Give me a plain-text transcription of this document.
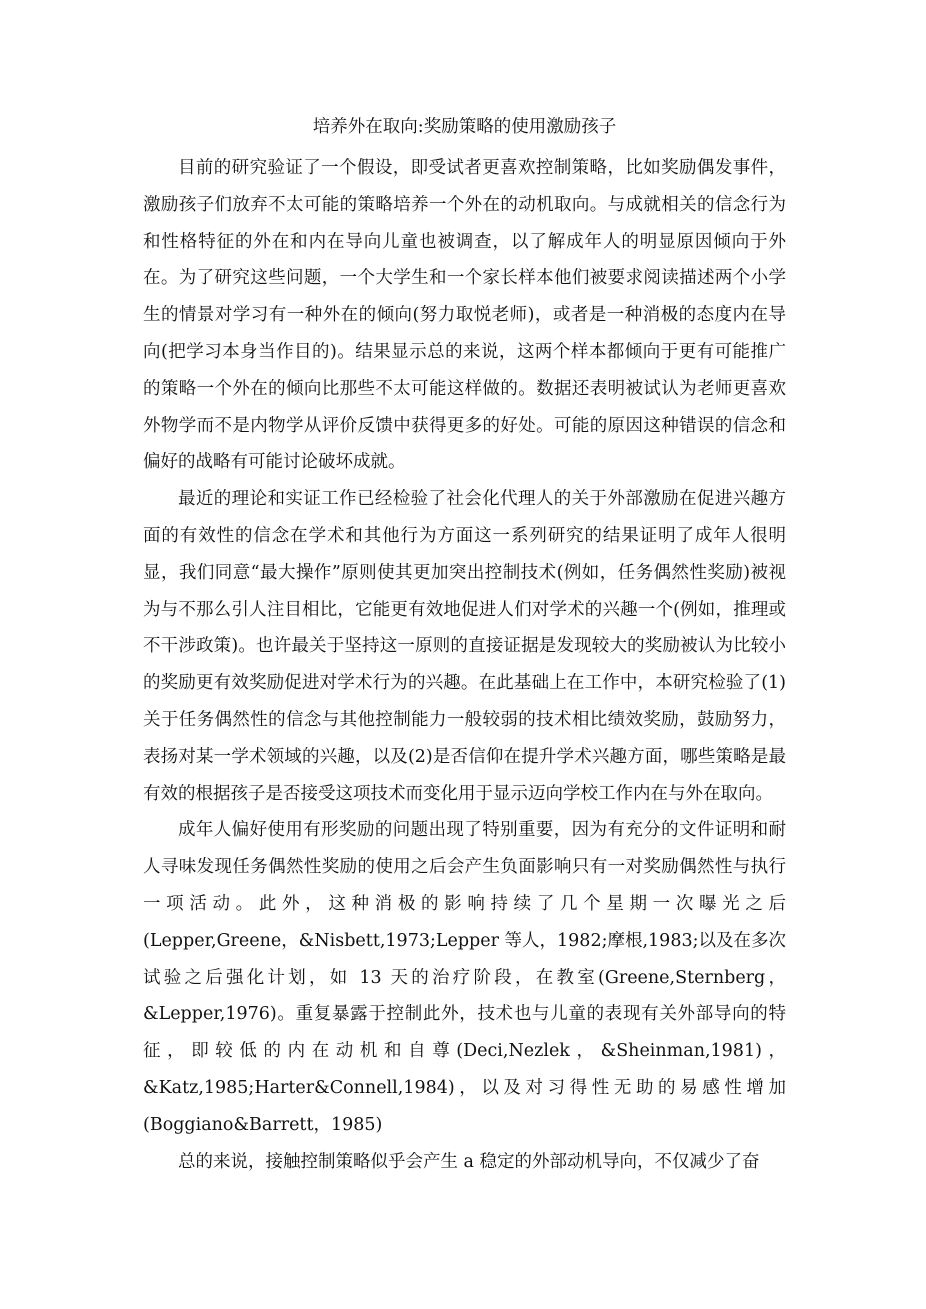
培养外在取向:奖励策略的使用激励孩子

目前的研究验证了一个假设，即受试者更喜欢控制策略，比如奖励偶发事件，激励孩子们放弃不太可能的策略培养一个外在的动机取向。与成就相关的信念行为和性格特征的外在和内在导向儿童也被调查，以了解成年人的明显原因倾向于外在。为了研究这些问题，一个大学生和一个家长样本他们被要求阅读描述两个小学生的情景对学习有一种外在的倾向(努力取悦老师)，或者是一种消极的态度内在导向(把学习本身当作目的)。结果显示总的来说，这两个样本都倾向于更有可能推广的策略一个外在的倾向比那些不太可能这样做的。数据还表明被试认为老师更喜欢外物学而不是内物学从评价反馈中获得更多的好处。可能的原因这种错误的信念和偏好的战略有可能讨论破坏成就。

最近的理论和实证工作已经检验了社会化代理人的关于外部激励在促进兴趣方面的有效性的信念在学术和其他行为方面这一系列研究的结果证明了成年人很明显，我们同意“最大操作”原则使其更加突出控制技术(例如，任务偶然性奖励)被视为与不那么引人注目相比，它能更有效地促进人们对学术的兴趣一个(例如，推理或不干涉政策)。也许最关于坚持这一原则的直接证据是发现较大的奖励被认为比较小的奖励更有效奖励促进对学术行为的兴趣。在此基础上在工作中，本研究检验了(1)关于任务偶然性的信念与其他控制能力一般较弱的技术相比绩效奖励，鼓励努力，表扬对某一学术领域的兴趣，以及(2)是否信仰在提升学术兴趣方面，哪些策略是最有效的根据孩子是否接受这项技术而变化用于显示迈向学校工作内在与外在取向。

成年人偏好使用有形奖励的问题出现了特别重要，因为有充分的文件证明和耐人寻味发现任务偶然性奖励的使用之后会产生负面影响只有一对奖励偶然性与执行一项活动。此外，这种消极的影响持续了几个星期一次曝光之后(Lepper,Greene，&Nisbett,1973;Lepper 等人，1982;摩根,1983;以及在多次试验之后强化计划，如 13 天的治疗阶段，在教室(Greene,Sternberg，&Lepper,1976)。重复暴露于控制此外，技术也与儿童的表现有关外部导向的特征，即较低的内在动机和自尊(Deci,Nezlek，&Sheinman,1981)，&Katz,1985;Harter&Connell,1984)，以及对习得性无助的易感性增加(Boggiano&Barrett，1985)

总的来说，接触控制策略似乎会产生 a 稳定的外部动机导向，不仅减少了奋
